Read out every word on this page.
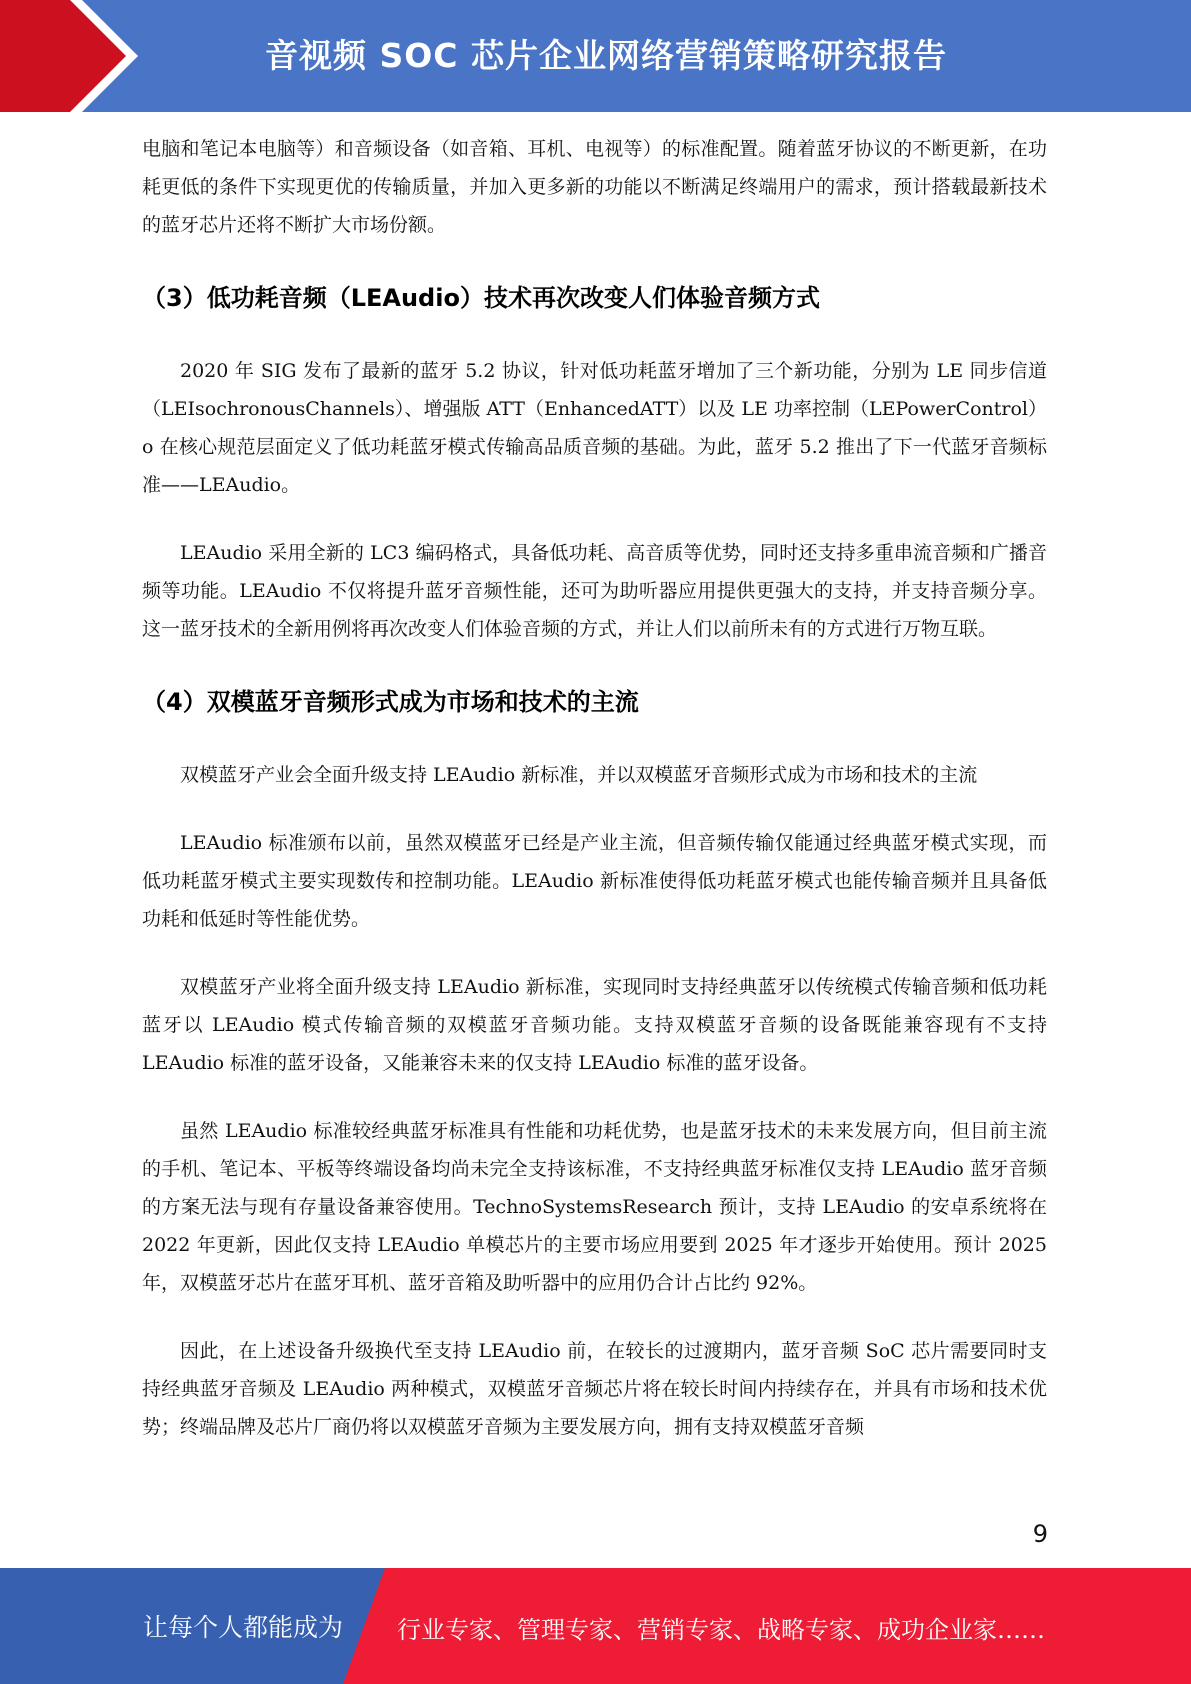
音视频 SOC 芯片企业网络营销策略研究报告

电脑和笔记本电脑等）和音频设备（如音箱、耳机、电视等）的标准配置。随着蓝牙协议的不断更新，在功耗更低的条件下实现更优的传输质量，并加入更多新的功能以不断满足终端用户的需求，预计搭载最新技术的蓝牙芯片还将不断扩大市场份额。

（3）低功耗音频（LEAudio）技术再次改变人们体验音频方式

2020 年 SIG 发布了最新的蓝牙 5.2 协议，针对低功耗蓝牙增加了三个新功能，分别为 LE 同步信道（LEIsochronousChannels）、增强版 ATT（EnhancedATT）以及 LE 功率控制（LEPowerControl）o 在核心规范层面定义了低功耗蓝牙模式传输高品质音频的基础。为此，蓝牙 5.2 推出了下一代蓝牙音频标准——LEAudio。

LEAudio 采用全新的 LC3 编码格式，具备低功耗、高音质等优势，同时还支持多重串流音频和广播音频等功能。LEAudio 不仅将提升蓝牙音频性能，还可为助听器应用提供更强大的支持，并支持音频分享。这一蓝牙技术的全新用例将再次改变人们体验音频的方式，并让人们以前所未有的方式进行万物互联。

（4）双模蓝牙音频形式成为市场和技术的主流

双模蓝牙产业会全面升级支持 LEAudio 新标准，并以双模蓝牙音频形式成为市场和技术的主流

LEAudio 标准颁布以前，虽然双模蓝牙已经是产业主流，但音频传输仅能通过经典蓝牙模式实现，而低功耗蓝牙模式主要实现数传和控制功能。LEAudio 新标准使得低功耗蓝牙模式也能传输音频并且具备低功耗和低延时等性能优势。

双模蓝牙产业将全面升级支持 LEAudio 新标准，实现同时支持经典蓝牙以传统模式传输音频和低功耗蓝牙以 LEAudio 模式传输音频的双模蓝牙音频功能。支持双模蓝牙音频的设备既能兼容现有不支持 LEAudio 标准的蓝牙设备，又能兼容未来的仅支持 LEAudio 标准的蓝牙设备。

虽然 LEAudio 标准较经典蓝牙标准具有性能和功耗优势，也是蓝牙技术的未来发展方向，但目前主流的手机、笔记本、平板等终端设备均尚未完全支持该标准，不支持经典蓝牙标准仅支持 LEAudio 蓝牙音频的方案无法与现有存量设备兼容使用。TechnoSystemsResearch 预计，支持 LEAudio 的安卓系统将在 2022 年更新，因此仅支持 LEAudio 单模芯片的主要市场应用要到 2025 年才逐步开始使用。预计 2025 年，双模蓝牙芯片在蓝牙耳机、蓝牙音箱及助听器中的应用仍合计占比约 92%。

因此，在上述设备升级换代至支持 LEAudio 前，在较长的过渡期内，蓝牙音频 SoC 芯片需要同时支持经典蓝牙音频及 LEAudio 两种模式，双模蓝牙音频芯片将在较长时间内持续存在，并具有市场和技术优势；终端品牌及芯片厂商仍将以双模蓝牙音频为主要发展方向，拥有支持双模蓝牙音频

9
让每个人都能成为 行业专家、管理专家、营销专家、战略专家、成功企业家……
